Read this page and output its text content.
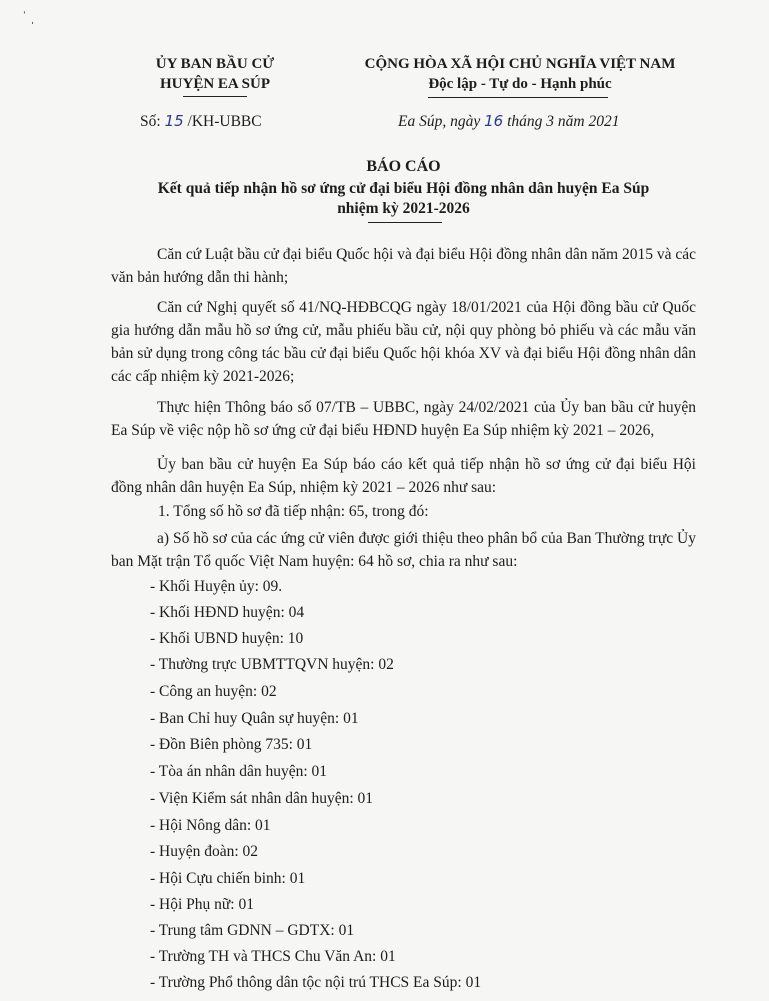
ˈ ˌ
ỦY BAN BẦU CỬ
HUYỆN EA SÚP
CỘNG HÒA XÃ HỘI CHỦ NGHĨA VIỆT NAM
Độc lập - Tự do - Hạnh phúc
Số: 15 /KH-UBBC	Ea Súp, ngày 16 tháng 3 năm 2021
BÁO CÁO
Kết quả tiếp nhận hồ sơ ứng cử đại biểu Hội đồng nhân dân huyện Ea Súp
nhiệm kỳ 2021-2026
Căn cứ Luật bầu cử đại biểu Quốc hội và đại biểu Hội đồng nhân dân năm 2015 và các văn bản hướng dẫn thi hành;
Căn cứ Nghị quyết số 41/NQ-HĐBCQG ngày 18/01/2021 của Hội đồng bầu cử Quốc gia hướng dẫn mẫu hồ sơ ứng cử, mẫu phiếu bầu cử, nội quy phòng bỏ phiếu và các mẫu văn bản sử dụng trong công tác bầu cử đại biểu Quốc hội khóa XV và đại biểu Hội đồng nhân dân các cấp nhiệm kỳ 2021-2026;
Thực hiện Thông báo số 07/TB – UBBC, ngày 24/02/2021 của Ủy ban bầu cử huyện Ea Súp về việc nộp hồ sơ ứng cử đại biểu HĐND huyện Ea Súp nhiệm kỳ 2021 – 2026,
Ủy ban bầu cử huyện Ea Súp báo cáo kết quả tiếp nhận hồ sơ ứng cử đại biểu Hội đồng nhân dân huyện Ea Súp, nhiệm kỳ 2021 – 2026 như sau:
1. Tổng số hồ sơ đã tiếp nhận: 65, trong đó:
a) Số hồ sơ của các ứng cử viên được giới thiệu theo phân bổ của Ban Thường trực Ủy ban Mặt trận Tổ quốc Việt Nam huyện: 64 hồ sơ, chia ra như sau:
- Khối Huyện ủy: 09.
- Khối HĐND huyện: 04
- Khối UBND huyện: 10
- Thường trực UBMTTQVN huyện: 02
- Công an huyện: 02
- Ban Chỉ huy Quân sự huyện: 01
- Đồn Biên phòng 735: 01
- Tòa án nhân dân huyện: 01
- Viện Kiểm sát nhân dân huyện: 01
- Hội Nông dân: 01
- Huyện đoàn: 02
- Hội Cựu chiến binh: 01
- Hội Phụ nữ: 01
- Trung tâm GDNN – GDTX: 01
- Trường TH và THCS Chu Văn An: 01
- Trường Phổ thông dân tộc nội trú THCS Ea Súp: 01
